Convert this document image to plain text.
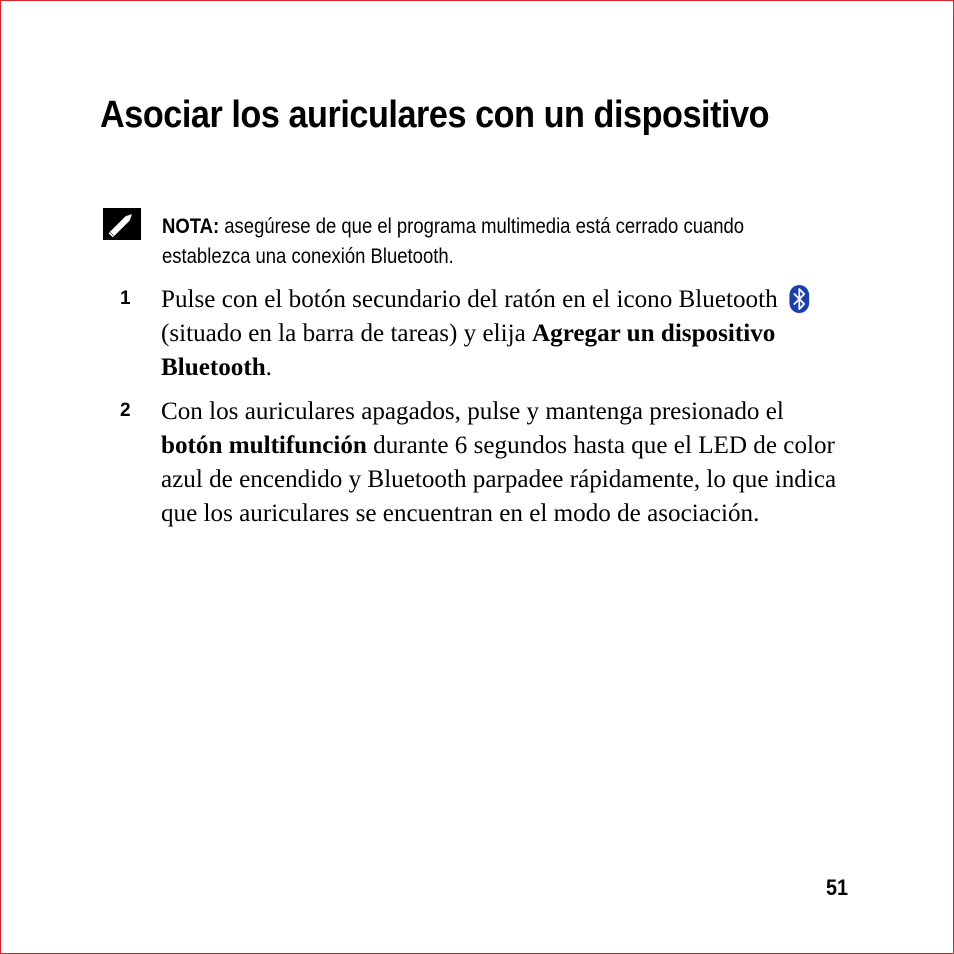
Asociar los auriculares con un dispositivo
NOTA: asegúrese de que el programa multimedia está cerrado cuando establezca una conexión Bluetooth.
1 Pulse con el botón secundario del ratón en el icono Bluetooth (situado en la barra de tareas) y elija Agregar un dispositivo Bluetooth.
2 Con los auriculares apagados, pulse y mantenga presionado el botón multifunción durante 6 segundos hasta que el LED de color azul de encendido y Bluetooth parpadee rápidamente, lo que indica que los auriculares se encuentran en el modo de asociación.
51
